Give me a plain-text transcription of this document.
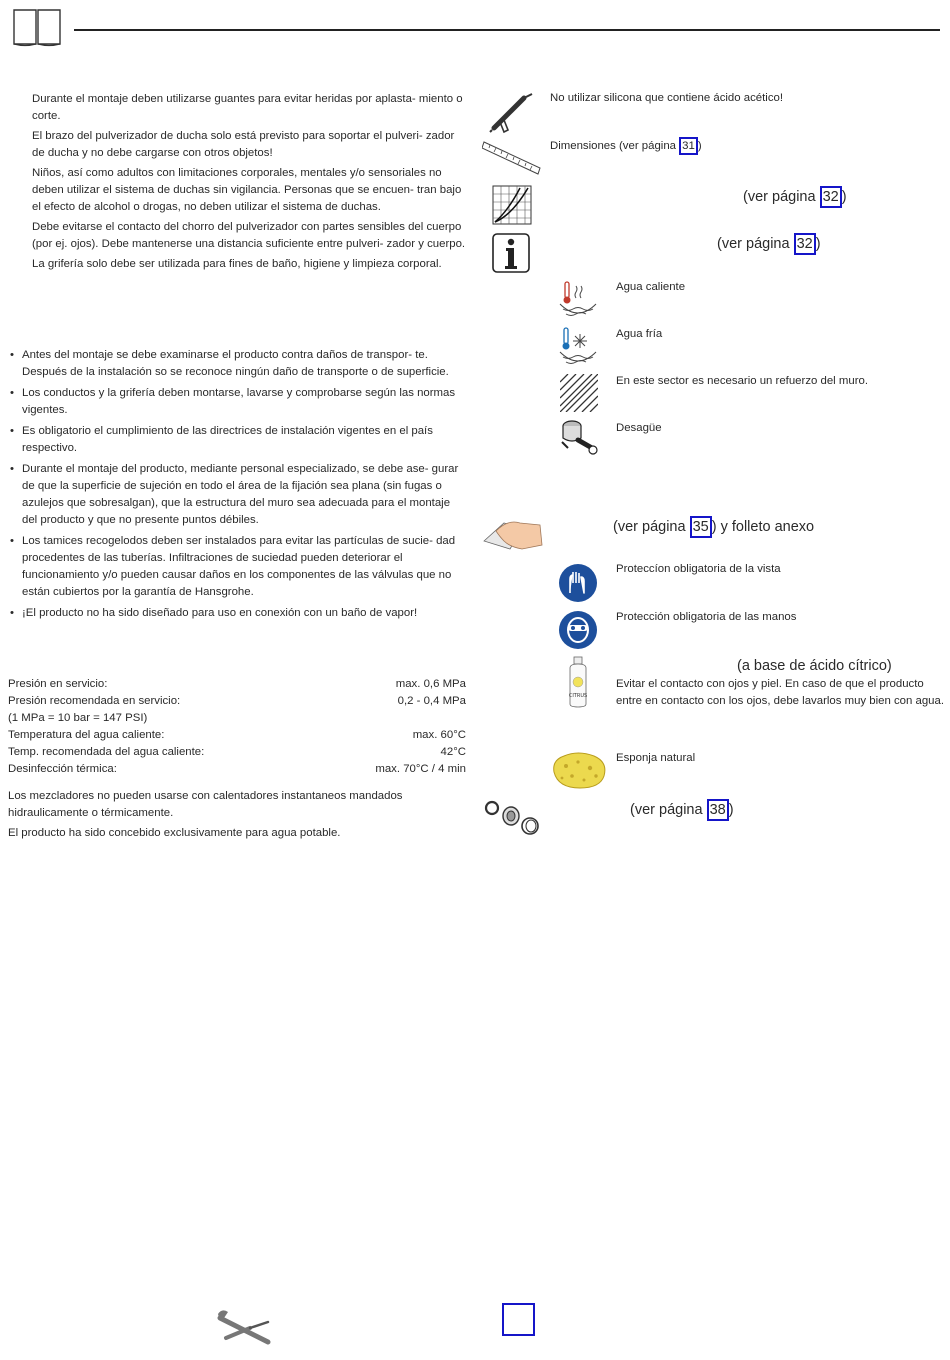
Durante el montaje deben utilizarse guantes para evitar heridas por aplasta- miento o corte.

El brazo del pulverizador de ducha solo está previsto para soportar el pulveri- zador de ducha y no debe cargarse con otros objetos!

Niños, así como adultos con limitaciones corporales, mentales y/o sensoriales no deben utilizar el sistema de duchas sin vigilancia. Personas que se encuen- tran bajo el efecto de alcohol o drogas, no deben utilizar el sistema de duchas.

Debe evitarse el contacto del chorro del pulverizador con partes sensibles del cuerpo (por ej. ojos). Debe mantenerse una distancia suficiente entre pulveri- zador y cuerpo.

La grifería solo debe ser utilizada para fines de baño, higiene y limpieza corporal.

• Antes del montaje se debe examinarse el producto contra daños de transpor- te. Después de la instalación so se reconoce ningún daño de transporte o de superficie.

• Los conductos y la grifería deben montarse, lavarse y comprobarse según las normas vigentes.

• Es obligatorio el cumplimiento de las directrices de instalación vigentes en el país respectivo.

• Durante el montaje del producto, mediante personal especializado, se debe ase- gurar de que la superficie de sujeción en todo el área de la fijación sea plana (sin fugas o azulejos que sobresalgan), que la estructura del muro sea adecuada para el montaje del producto y que no presente puntos débiles.

• Los tamices recogelodos deben ser instalados para evitar las partículas de sucie- dad procedentes de las tuberías. Infiltraciones de suciedad pueden deteriorar el funcionamiento y/o pueden causar daños en los componentes de las válvulas que no están cubiertos por la garantía de Hansgrohe.

• ¡El producto no ha sido diseñado para uso en conexión con un baño de vapor!

Presión en servicio:	max. 0,6 MPa
Presión recomendada en servicio:	0,2 - 0,4 MPa
(1 MPa = 10 bar = 147 PSI)
Temperatura del agua caliente:	max. 60°C
Temp. recomendada del agua caliente:	42°C
Desinfección térmica:	max. 70°C / 4 min

Los mezcladores no pueden usarse con calentadores instantaneos mandados hidraulicamente o térmicamente.

El producto ha sido concebido exclusivamente para agua potable.

No utilizar silicona que contiene ácido acético!
Dimensiones (ver página 31 )
(ver página 32 )
(ver página 32 )
Agua caliente
Agua fría
En este sector es necesario un refuerzo del muro.
Desagüe
(ver página 35 ) y folleto anexo
Proteccíon obligatoria de la vista
Protección obligatoria de las manos
CITRUS
(a base de ácido cítrico)
Evitar el contacto con ojos y piel. En caso de que el producto entre en contacto con los ojos, debe lavarlos muy bien con agua.
Esponja natural
(ver página 38 )
